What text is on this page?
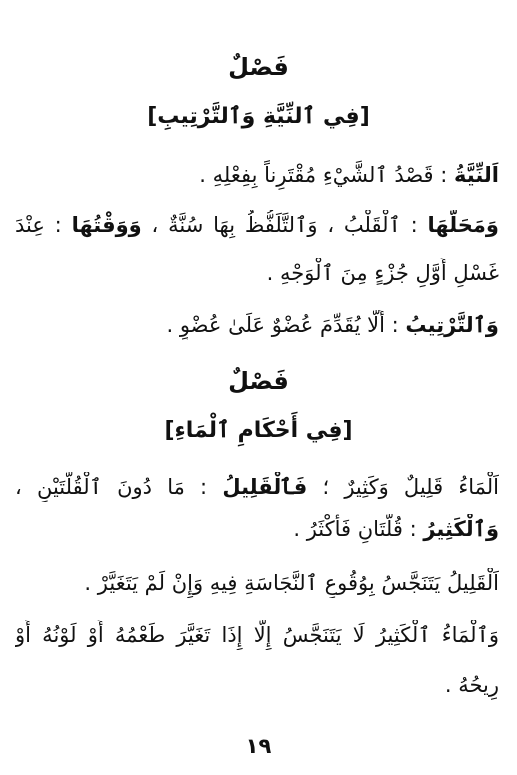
فَصْلٌ
[فِي ٱلنِّيَّةِ وَٱلتَّرْتِيبِ]
اَلنِّيَّةُ : قَصْدُ ٱلشَّيْءِ مُقْتَرِناً بِفِعْلِهِ .
وَمَحَلُّهَا : ٱلْقَلْبُ ، وَٱلتَّلَفُّظُ بِهَا سُنَّةٌ ، وَوَقْتُهَا : عِنْدَ
غَسْلِ أَوَّلِ جُزْءٍ مِنَ ٱلْوَجْهِ .
وَٱلتَّرْتِيبُ : أَلَّا يُقَدِّمَ عُضْوٌ عَلَىٰ عُضْوٍ .
فَصْلٌ
[فِي أَحْكَامِ ٱلْمَاءِ]
اَلْمَاءُ قَلِيلٌ وَكَثِيرٌ ؛ فَٱلْقَلِيلُ : مَا دُونَ ٱلْقُلَّتَيْنِ ،
وَٱلْكَثِيرُ : قُلَّتَانِ فَأَكْثَرُ .
اَلْقَلِيلُ يَتَنَجَّسُ بِوُقُوعِ ٱلنَّجَاسَةِ فِيهِ وَإِنْ لَمْ يَتَغَيَّرْ .
وَٱلْمَاءُ ٱلْكَثِيرُ لَا يَتَنَجَّسُ إِلَّا إِذَا تَغَيَّرَ طَعْمُهُ أَوْ لَوْنُهُ أَوْ
رِيحُهُ .
١٩
